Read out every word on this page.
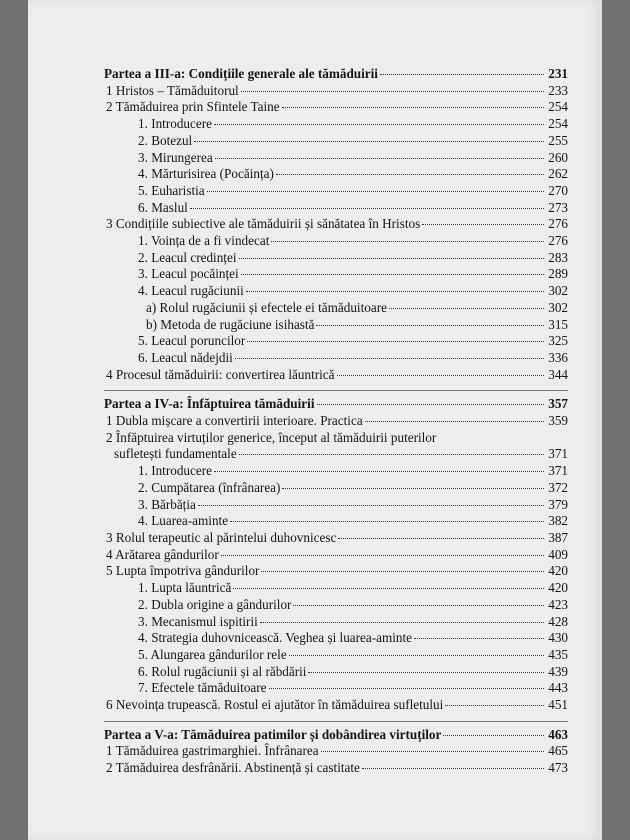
Partea a III-a: Condițiile generale ale tămăduirii	231
1 Hristos – Tămăduitorul	233
2 Tămăduirea prin Sfintele Taine	254
1. Introducere	254
2. Botezul	255
3. Mirungerea	260
4. Mărturisirea (Pocăința)	262
5. Euharistia	270
6. Maslul	273
3 Condițiile subiective ale tămăduirii și sănătatea în Hristos	276
1. Voința de a fi vindecat	276
2. Leacul credinței	283
3. Leacul pocăinței	289
4. Leacul rugăciunii	302
a) Rolul rugăciunii și efectele ei tămăduitoare	302
b) Metoda de rugăciune isihastă	315
5. Leacul poruncilor	325
6. Leacul nădejdii	336
4 Procesul tămăduirii: convertirea lăuntrică	344
Partea a IV-a: Înfăptuirea tămăduirii	357
1 Dubla mișcare a convertirii interioare. Practica	359
2 Înfăptuirea virtuților generice, început al tămăduirii puterilor
sufletești fundamentale	371
1. Introducere	371
2. Cumpătarea (înfrânarea)	372
3. Bărbăția	379
4. Luarea-aminte	382
3 Rolul terapeutic al părintelui duhovnicesc	387
4 Arătarea gândurilor	409
5 Lupta împotriva gândurilor	420
1. Lupta lăuntrică	420
2. Dubla origine a gândurilor	423
3. Mecanismul ispitirii	428
4. Strategia duhovnicească. Veghea și luarea-aminte	430
5. Alungarea gândurilor rele	435
6. Rolul rugăciunii și al răbdării	439
7. Efectele tămăduitoare	443
6 Nevoința trupească. Rostul ei ajutător în tămăduirea sufletului	451
Partea a V-a: Tămăduirea patimilor și dobândirea virtuților	463
1 Tămăduirea gastrimarghiei. Înfrânarea	465
2 Tămăduirea desfrânării. Abstinență și castitate	473
